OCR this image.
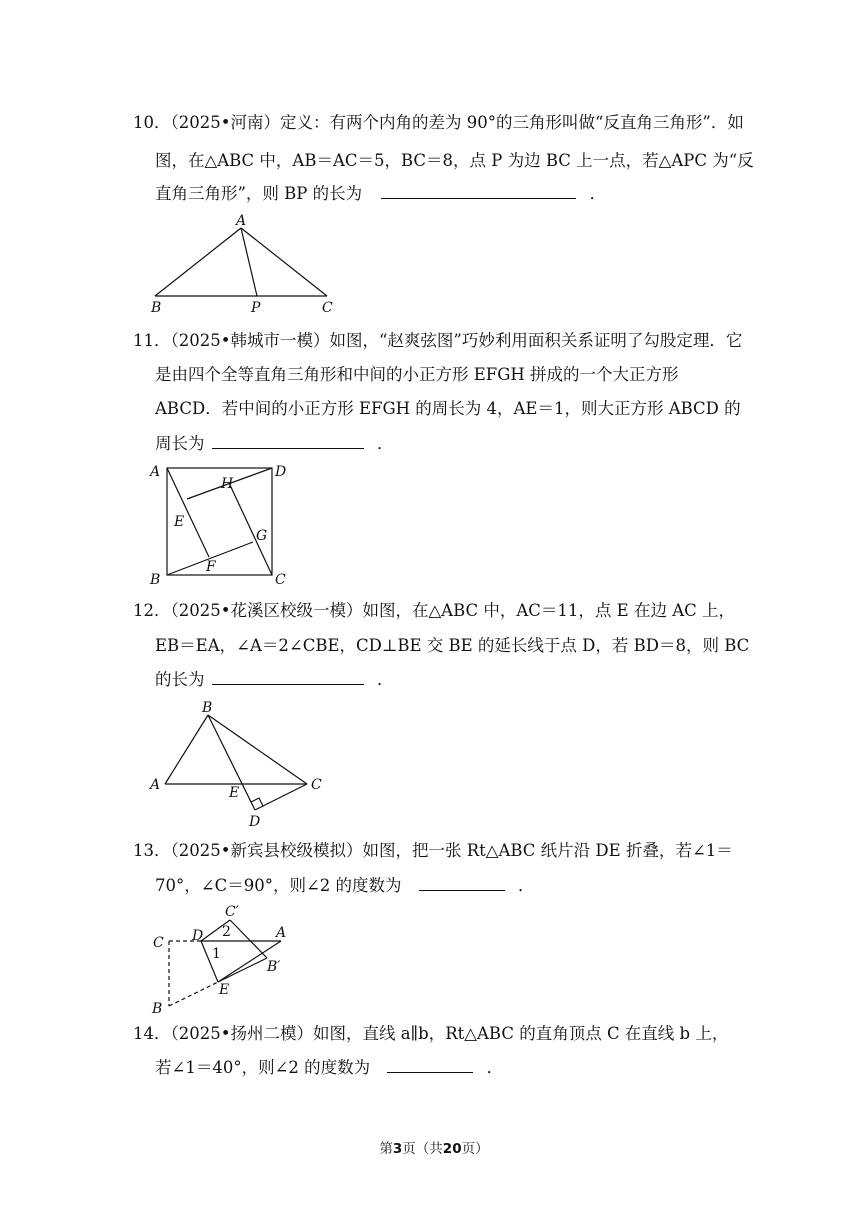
10．（2025•河南）定义：有两个内角的差为 90°的三角形叫做“反直角三角形”．如
图，在△ABC 中，AB＝AC＝5，BC＝8，点 P 为边 BC 上一点，若△APC 为“反
直角三角形”，则 BP 的长为	．
A
B	P	C
11．（2025•韩城市一模）如图，“赵爽弦图”巧妙利用面积关系证明了勾股定理．它
是由四个全等直角三角形和中间的小正方形 EFGH 拼成的一个大正方形
ABCD．若中间的小正方形 EFGH 的周长为 4，AE＝1，则大正方形 ABCD 的
周长为	．
A	D
H
E
G
F
B	C
12．（2025•花溪区校级一模）如图，在△ABC 中，AC＝11，点 E 在边 AC 上，
EB＝EA，∠A＝2∠CBE，CD⊥BE 交 BE 的延长线于点 D，若 BD＝8，则 BC
的长为	．
B
A	E	C
D
13．（2025•新宾县校级模拟）如图，把一张 Rt△ABC 纸片沿 DE 折叠，若∠1＝
70°，∠C＝90°，则∠2 的度数为	．
C′
C D 2	A
1
B′
E
B
14．（2025•扬州二模）如图，直线 a∥b，Rt△ABC 的直角顶点 C 在直线 b 上，
若∠1＝40°，则∠2 的度数为	．
第3页（共20页）
